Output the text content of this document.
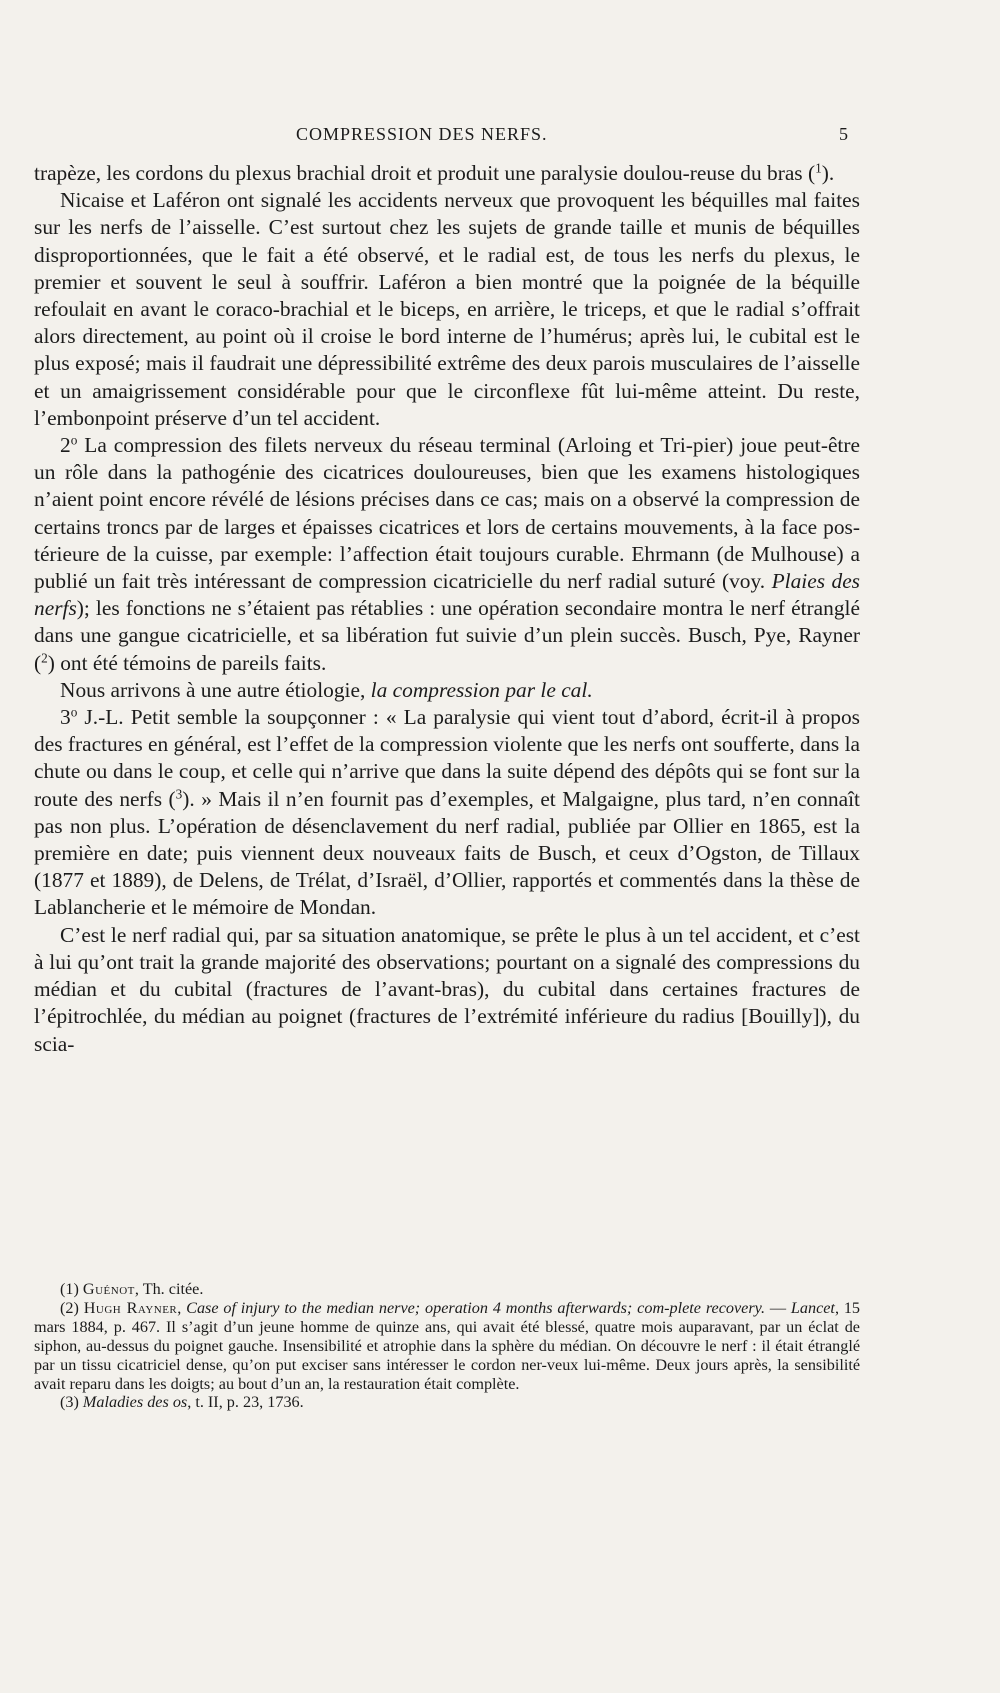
COMPRESSION DES NERFS.	5

trapèze, les cordons du plexus brachial droit et produit une paralysie doulou-reuse du bras ($^1$).

Nicaise et Laféron ont signalé les accidents nerveux que provoquent les béquilles mal faites sur les nerfs de l’aisselle. C’est surtout chez les sujets de grande taille et munis de béquilles disproportionnées, que le fait a été observé, et le radial est, de tous les nerfs du plexus, le premier et souvent le seul à souffrir. Laféron a bien montré que la poignée de la béquille refoulait en avant le coraco-brachial et le biceps, en arrière, le triceps, et que le radial s’offrait alors directement, au point où il croise le bord interne de l’humérus; après lui, le cubital est le plus exposé; mais il faudrait une dépressibilité extrême des deux parois musculaires de l’aisselle et un amaigrissement considérable pour que le circonflexe fût lui-même atteint. Du reste, l’embonpoint préserve d’un tel accident.

2$^o$ La compression des filets nerveux du réseau terminal (Arloing et Tri-pier) joue peut-être un rôle dans la pathogénie des cicatrices douloureuses, bien que les examens histologiques n’aient point encore révélé de lésions précises dans ce cas; mais on a observé la compression de certains troncs par de larges et épaisses cicatrices et lors de certains mouvements, à la face pos-térieure de la cuisse, par exemple: l’affection était toujours curable. Ehrmann (de Mulhouse) a publié un fait très intéressant de compression cicatricielle du nerf radial suturé (voy. Plaies des nerfs); les fonctions ne s’étaient pas rétablies : une opération secondaire montra le nerf étranglé dans une gangue cicatricielle, et sa libération fut suivie d’un plein succès. Busch, Pye, Rayner ($^2$) ont été témoins de pareils faits.

Nous arrivons à une autre étiologie, la compression par le cal.

3$^o$ J.-L. Petit semble la soupçonner : « La paralysie qui vient tout d’abord, écrit-il à propos des fractures en général, est l’effet de la compression violente que les nerfs ont soufferte, dans la chute ou dans le coup, et celle qui n’arrive que dans la suite dépend des dépôts qui se font sur la route des nerfs ($^3$). » Mais il n’en fournit pas d’exemples, et Malgaigne, plus tard, n’en connaît pas non plus. L’opération de désenclavement du nerf radial, publiée par Ollier en 1865, est la première en date; puis viennent deux nouveaux faits de Busch, et ceux d’Ogston, de Tillaux (1877 et 1889), de Delens, de Trélat, d’Israël, d’Ollier, rapportés et commentés dans la thèse de Lablancherie et le mémoire de Mondan.

C’est le nerf radial qui, par sa situation anatomique, se prête le plus à un tel accident, et c’est à lui qu’ont trait la grande majorité des observations; pourtant on a signalé des compressions du médian et du cubital (fractures de l’avant-bras), du cubital dans certaines fractures de l’épitrochlée, du médian au poignet (fractures de l’extrémité inférieure du radius [Bouilly]), du scia-

(1) Guénot, Th. citée.

(2) Hugh Rayner, Case of injury to the median nerve; operation 4 months afterwards; com-plete recovery. — Lancet, 15 mars 1884, p. 467. Il s’agit d’un jeune homme de quinze ans, qui avait été blessé, quatre mois auparavant, par un éclat de siphon, au-dessus du poignet gauche. Insensibilité et atrophie dans la sphère du médian. On découvre le nerf : il était étranglé par un tissu cicatriciel dense, qu’on put exciser sans intéresser le cordon ner-veux lui-même. Deux jours après, la sensibilité avait reparu dans les doigts; au bout d’un an, la restauration était complète.

(3) Maladies des os, t. II, p. 23, 1736.
